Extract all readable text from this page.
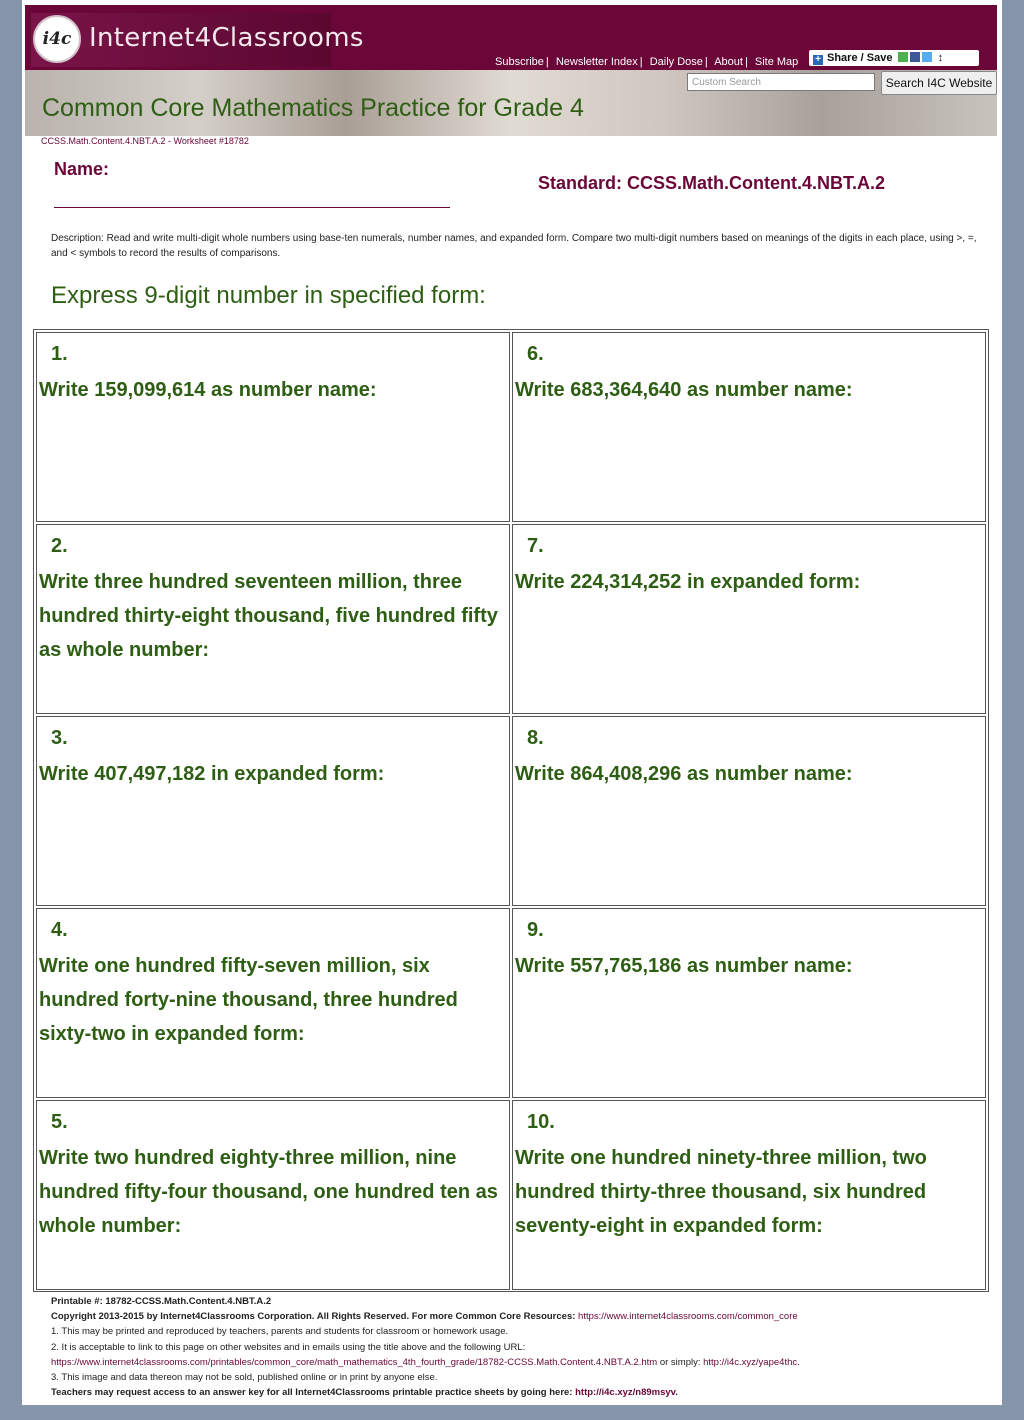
i4c Internet4Classrooms
Subscribe | Newsletter Index | Daily Dose | About | Site Map	+ Share / Save	↕
Custom Search	Search I4C Website
Common Core Mathematics Practice for Grade 4
CCSS.Math.Content.4.NBT.A.2 - Worksheet #18782
Name:
Standard: CCSS.Math.Content.4.NBT.A.2
Description: Read and write multi-digit whole numbers using base-ten numerals, number names, and expanded form. Compare two multi-digit numbers based on meanings of the digits in each place, using >, =, and < symbols to record the results of comparisons.
Express 9-digit number in specified form:
1.
Write 159,099,614 as number name:
6.
Write 683,364,640 as number name:
2.
Write three hundred seventeen million, three hundred thirty-eight thousand, five hundred fifty as whole number:
7.
Write 224,314,252 in expanded form:
3.
Write 407,497,182 in expanded form:
8.
Write 864,408,296 as number name:
4.
Write one hundred fifty-seven million, six hundred forty-nine thousand, three hundred sixty-two in expanded form:
9.
Write 557,765,186 as number name:
5.
Write two hundred eighty-three million, nine hundred fifty-four thousand, one hundred ten as whole number:
10.
Write one hundred ninety-three million, two hundred thirty-three thousand, six hundred seventy-eight in expanded form:
Printable #: 18782-CCSS.Math.Content.4.NBT.A.2
Copyright 2013-2015 by Internet4Classrooms Corporation. All Rights Reserved. For more Common Core Resources: https://www.internet4classrooms.com/common_core
1. This may be printed and reproduced by teachers, parents and students for classroom or homework usage.
2. It is acceptable to link to this page on other websites and in emails using the title above and the following URL:
https://www.internet4classrooms.com/printables/common_core/math_mathematics_4th_fourth_grade/18782-CCSS.Math.Content.4.NBT.A.2.htm or simply: http://i4c.xyz/yape4thc.
3. This image and data thereon may not be sold, published online or in print by anyone else.
Teachers may request access to an answer key for all Internet4Classrooms printable practice sheets by going here: http://i4c.xyz/n89msyv.
